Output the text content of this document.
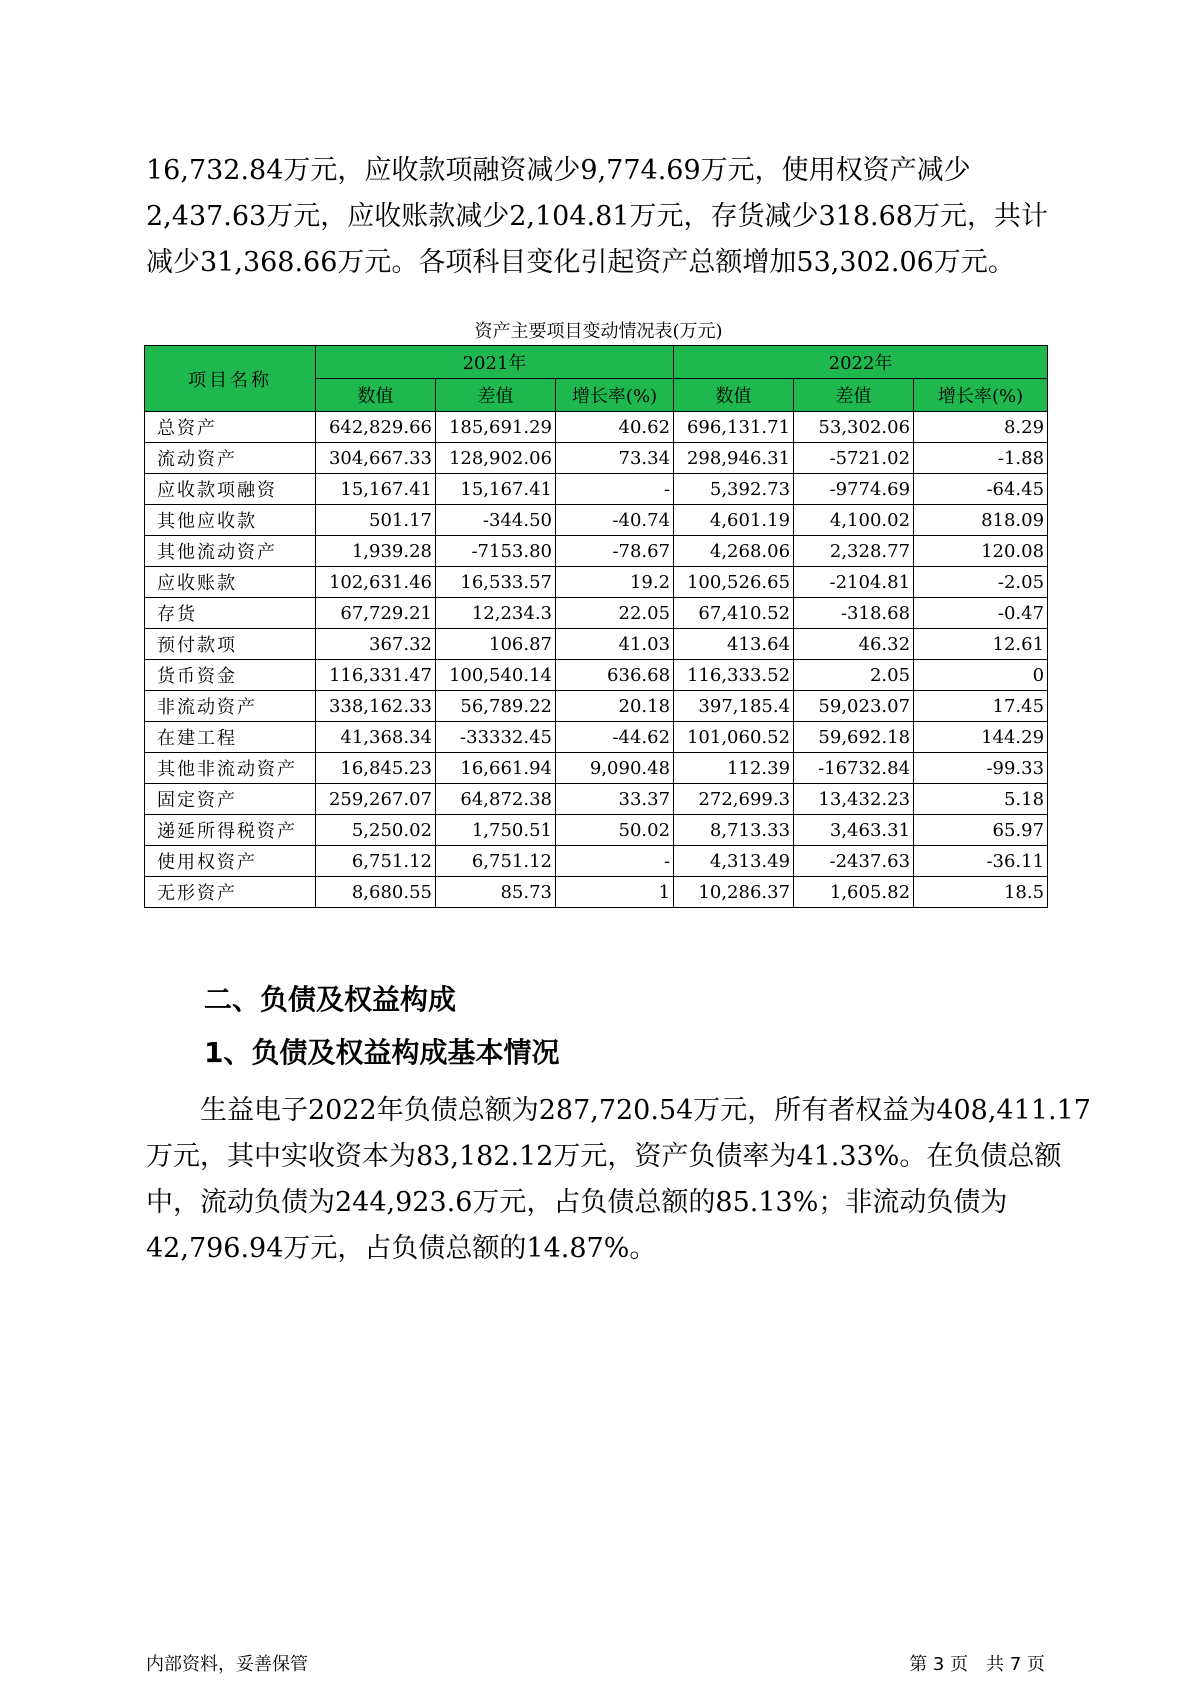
16,732.84万元，应收款项融资减少9,774.69万元，使用权资产减少

2,437.63万元，应收账款减少2,104.81万元，存货减少318.68万元，共计

减少31,368.66万元。各项科目变化引起资产总额增加53,302.06万元。

资产主要项目变动情况表(万元)
项目名称	2021年			2022年		
	数值	差值	增长率(%)	数值	差值	增长率(%)
总资产	642,829.66	185,691.29	40.62	696,131.71	53,302.06	8.29
流动资产	304,667.33	128,902.06	73.34	298,946.31	-5721.02	-1.88
应收款项融资	15,167.41	15,167.41	-	5,392.73	-9774.69	-64.45
其他应收款	501.17	-344.50	-40.74	4,601.19	4,100.02	818.09
其他流动资产	1,939.28	-7153.80	-78.67	4,268.06	2,328.77	120.08
应收账款	102,631.46	16,533.57	19.2	100,526.65	-2104.81	-2.05
存货	67,729.21	12,234.3	22.05	67,410.52	-318.68	-0.47
预付款项	367.32	106.87	41.03	413.64	46.32	12.61
货币资金	116,331.47	100,540.14	636.68	116,333.52	2.05	0
非流动资产	338,162.33	56,789.22	20.18	397,185.4	59,023.07	17.45
在建工程	41,368.34	-33332.45	-44.62	101,060.52	59,692.18	144.29
其他非流动资产	16,845.23	16,661.94	9,090.48	112.39	-16732.84	-99.33
固定资产	259,267.07	64,872.38	33.37	272,699.3	13,432.23	5.18
递延所得税资产	5,250.02	1,750.51	50.02	8,713.33	3,463.31	65.97
使用权资产	6,751.12	6,751.12	-	4,313.49	-2437.63	-36.11
无形资产	8,680.55	85.73	1	10,286.37	1,605.82	18.5
二、负债及权益构成
1、负债及权益构成基本情况

　　生益电子2022年负债总额为287,720.54万元，所有者权益为408,411.17

万元，其中实收资本为83,182.12万元，资产负债率为41.33%。在负债总额

中，流动负债为244,923.6万元，占负债总额的85.13%；非流动负债为

42,796.94万元，占负债总额的14.87%。

内部资料，妥善保管	第 3 页　共 7 页
